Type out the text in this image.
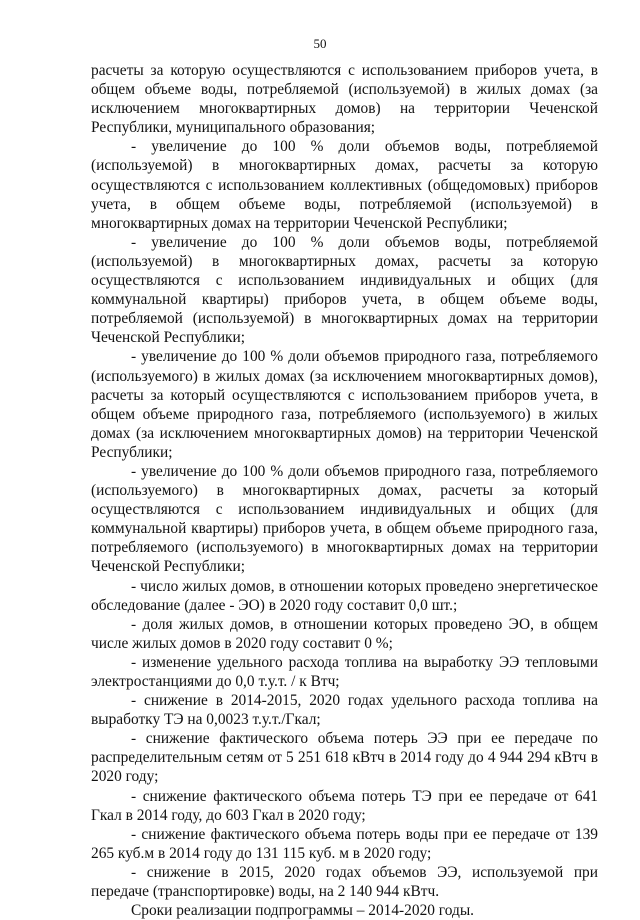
50

расчеты за которую осуществляются с использованием приборов учета, в общем объеме воды, потребляемой (используемой) в жилых домах (за исключением многоквартирных домов) на территории Чеченской Республики, муниципального образования;

- увеличение до 100 % доли объемов воды, потребляемой (используемой) в многоквартирных домах, расчеты за которую осуществляются с использованием коллективных (общедомовых) приборов учета, в общем объеме воды, потребляемой (используемой) в многоквартирных домах на территории Чеченской Республики;

- увеличение до 100 % доли объемов воды, потребляемой (используемой) в многоквартирных домах, расчеты за которую осуществляются с использованием индивидуальных и общих (для коммунальной квартиры) приборов учета, в общем объеме воды, потребляемой (используемой) в многоквартирных домах на территории Чеченской Республики;

- увеличение до 100 % доли объемов природного газа, потребляемого (используемого) в жилых домах (за исключением многоквартирных домов), расчеты за который осуществляются с использованием приборов учета, в общем объеме природного газа, потребляемого (используемого) в жилых домах (за исключением многоквартирных домов) на территории Чеченской Республики;

- увеличение до 100 % доли объемов природного газа, потребляемого (используемого) в многоквартирных домах, расчеты за который осуществляются с использованием индивидуальных и общих (для коммунальной квартиры) приборов учета, в общем объеме природного газа, потребляемого (используемого) в многоквартирных домах на территории Чеченской Республики;

- число жилых домов, в отношении которых проведено энергетическое обследование (далее - ЭО) в 2020 году составит 0,0 шт.;

- доля жилых домов, в отношении которых проведено ЭО, в общем числе жилых домов в 2020 году составит 0 %;

- изменение удельного расхода топлива на выработку ЭЭ тепловыми электростанциями до 0,0 т.у.т. / к Втч;

- снижение в 2014-2015, 2020 годах удельного расхода топлива на выработку ТЭ на 0,0023 т.у.т./Гкал;

- снижение фактического объема потерь ЭЭ при ее передаче по распределительным сетям от 5 251 618 кВтч в 2014 году до 4 944 294 кВтч в 2020 году;

- снижение фактического объема потерь ТЭ при ее передаче от 641 Гкал в 2014 году, до 603 Гкал в 2020 году;

- снижение фактического объема потерь воды при ее передаче от 139 265 куб.м в 2014 году до 131 115 куб. м в 2020 году;

- снижение в 2015, 2020 годах объемов ЭЭ, используемой при передаче (транспортировке) воды, на 2 140 944 кВтч.

Сроки реализации подпрограммы – 2014-2020 годы.
